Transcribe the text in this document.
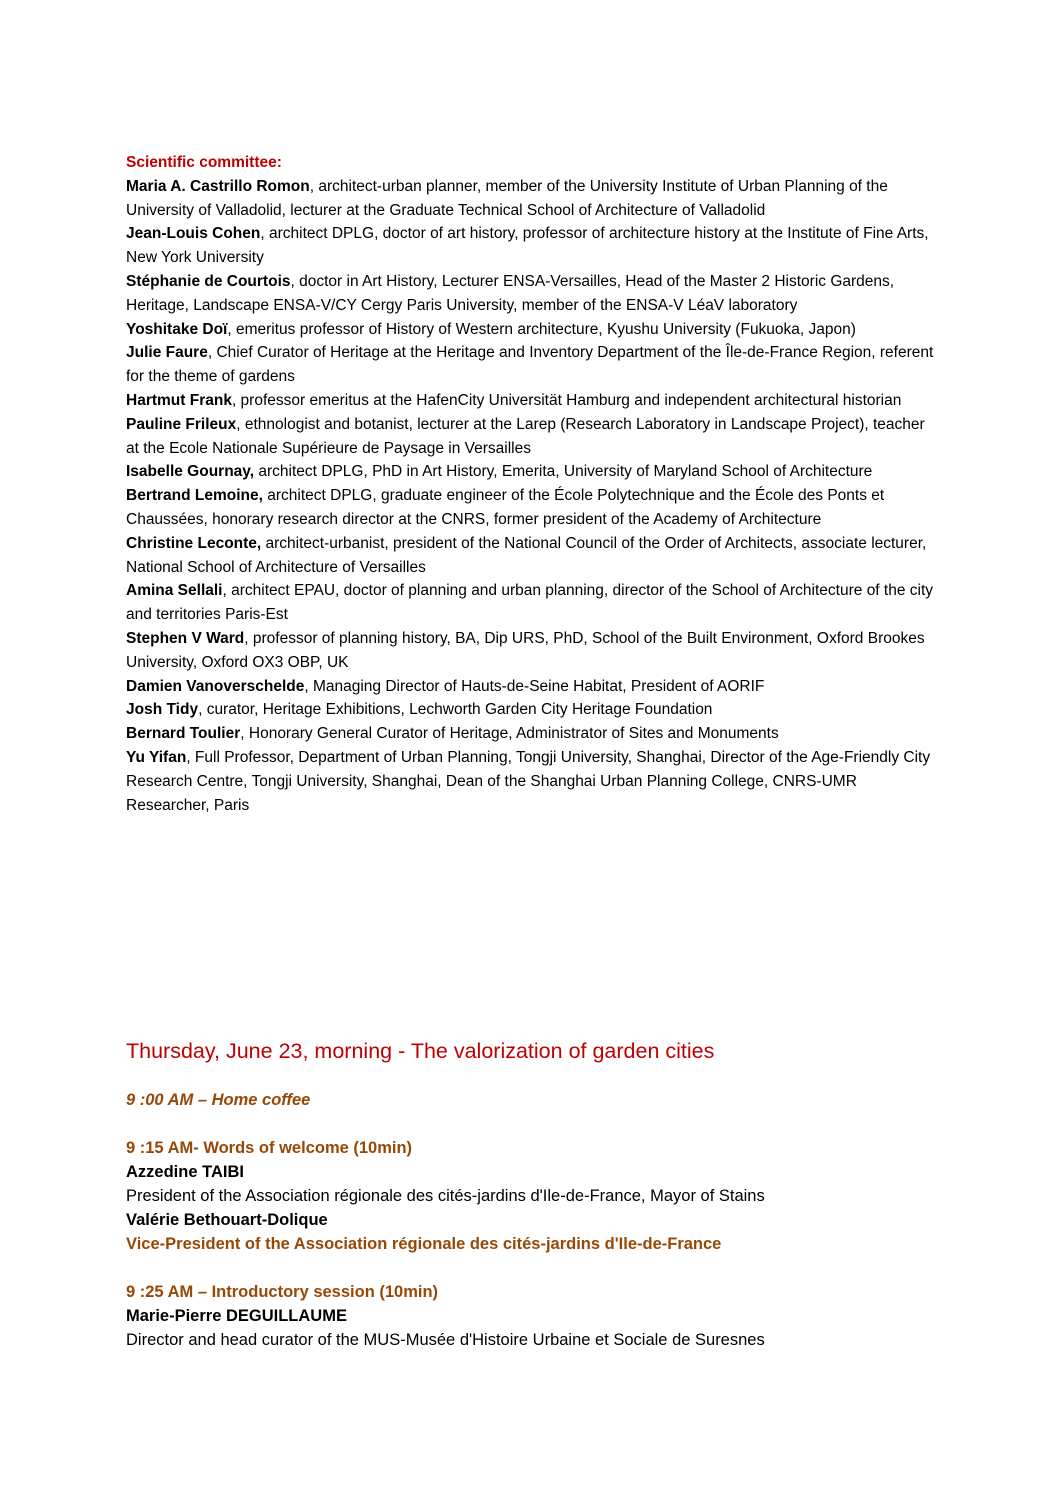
Scientific committee:

Maria A. Castrillo Romon, architect-urban planner, member of the University Institute of Urban Planning of the University of Valladolid, lecturer at the Graduate Technical School of Architecture of Valladolid

Jean-Louis Cohen, architect DPLG, doctor of art history, professor of architecture history at the Institute of Fine Arts, New York University

Stéphanie de Courtois, doctor in Art History, Lecturer ENSA-Versailles, Head of the Master 2 Historic Gardens, Heritage, Landscape ENSA-V/CY Cergy Paris University, member of the ENSA-V LéaV laboratory

Yoshitake Doï, emeritus professor of History of Western architecture, Kyushu University (Fukuoka, Japon)

Julie Faure, Chief Curator of Heritage at the Heritage and Inventory Department of the Île-de-France Region, referent for the theme of gardens

Hartmut Frank, professor emeritus at the HafenCity Universität Hamburg and independent architectural historian

Pauline Frileux, ethnologist and botanist, lecturer at the Larep (Research Laboratory in Landscape Project), teacher at the Ecole Nationale Supérieure de Paysage in Versailles

Isabelle Gournay, architect DPLG, PhD in Art History, Emerita, University of Maryland School of Architecture

Bertrand Lemoine, architect DPLG, graduate engineer of the École Polytechnique and the École des Ponts et Chaussées, honorary research director at the CNRS, former president of the Academy of Architecture

Christine Leconte, architect-urbanist, president of the National Council of the Order of Architects, associate lecturer, National School of Architecture of Versailles

Amina Sellali, architect EPAU, doctor of planning and urban planning, director of the School of Architecture of the city and territories Paris-Est

Stephen V Ward, professor of planning history, BA, Dip URS, PhD, School of the Built Environment, Oxford Brookes University, Oxford OX3 OBP, UK

Damien Vanoverschelde, Managing Director of Hauts-de-Seine Habitat, President of AORIF

Josh Tidy, curator, Heritage Exhibitions, Lechworth Garden City Heritage Foundation

Bernard Toulier, Honorary General Curator of Heritage, Administrator of Sites and Monuments

Yu Yifan, Full Professor, Department of Urban Planning, Tongji University, Shanghai, Director of the Age-Friendly City Research Centre, Tongji University, Shanghai, Dean of the Shanghai Urban Planning College, CNRS-UMR Researcher, Paris

Thursday, June 23, morning - The valorization of garden cities

9 :00 AM – Home coffee

9 :15 AM- Words of welcome (10min)

Azzedine TAIBI

President of the Association régionale des cités-jardins d'Ile-de-France, Mayor of Stains

Valérie Bethouart-Dolique

Vice-President of the Association régionale des cités-jardins d'Ile-de-France

9 :25 AM – Introductory session (10min)

Marie-Pierre DEGUILLAUME

Director and head curator of the MUS-Musée d'Histoire Urbaine et Sociale de Suresnes
